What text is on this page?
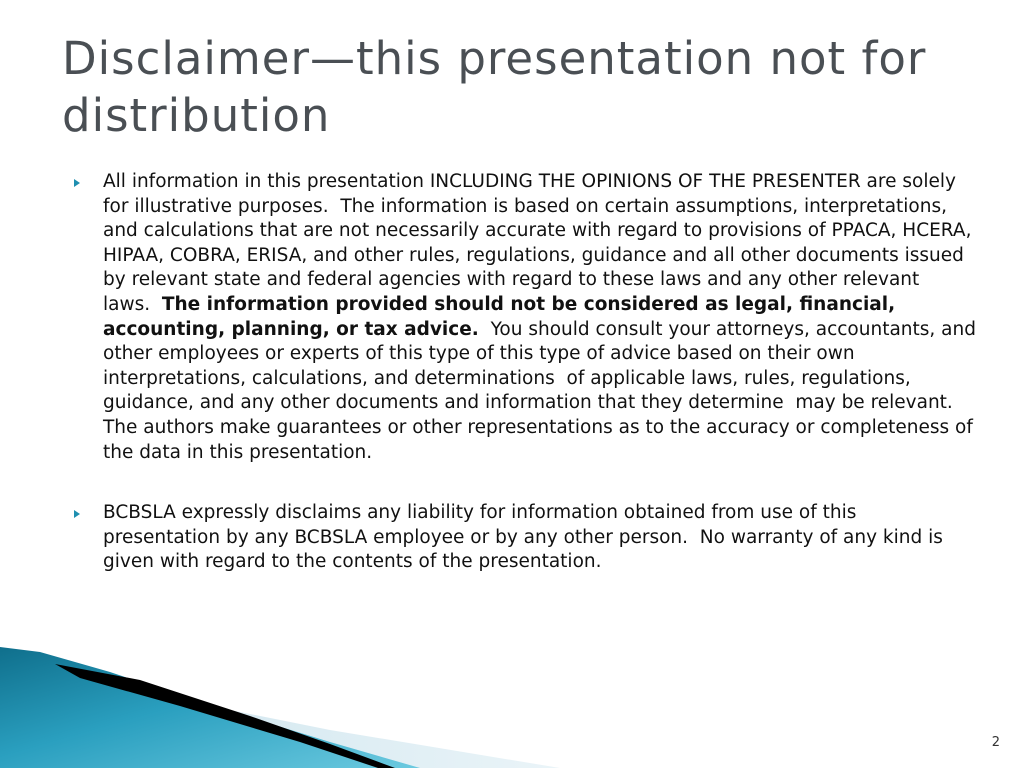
Disclaimer—this presentation not for distribution
All information in this presentation INCLUDING THE OPINIONS OF THE PRESENTER are solely for illustrative purposes.  The information is based on certain assumptions, interpretations, and calculations that are not necessarily accurate with regard to provisions of PPACA, HCERA, HIPAA, COBRA, ERISA, and other rules, regulations, guidance and all other documents issued by relevant state and federal agencies with regard to these laws and any other relevant laws.  The information provided should not be considered as legal, financial, accounting, planning, or tax advice.  You should consult your attorneys, accountants, and other employees or experts of this type of this type of advice based on their own interpretations, calculations, and determinations  of applicable laws, rules, regulations, guidance, and any other documents and information that they determine  may be relevant. The authors make guarantees or other representations as to the accuracy or completeness of the data in this presentation.
BCBSLA expressly disclaims any liability for information obtained from use of this presentation by any BCBSLA employee or by any other person.  No warranty of any kind is given with regard to the contents of the presentation.
2
